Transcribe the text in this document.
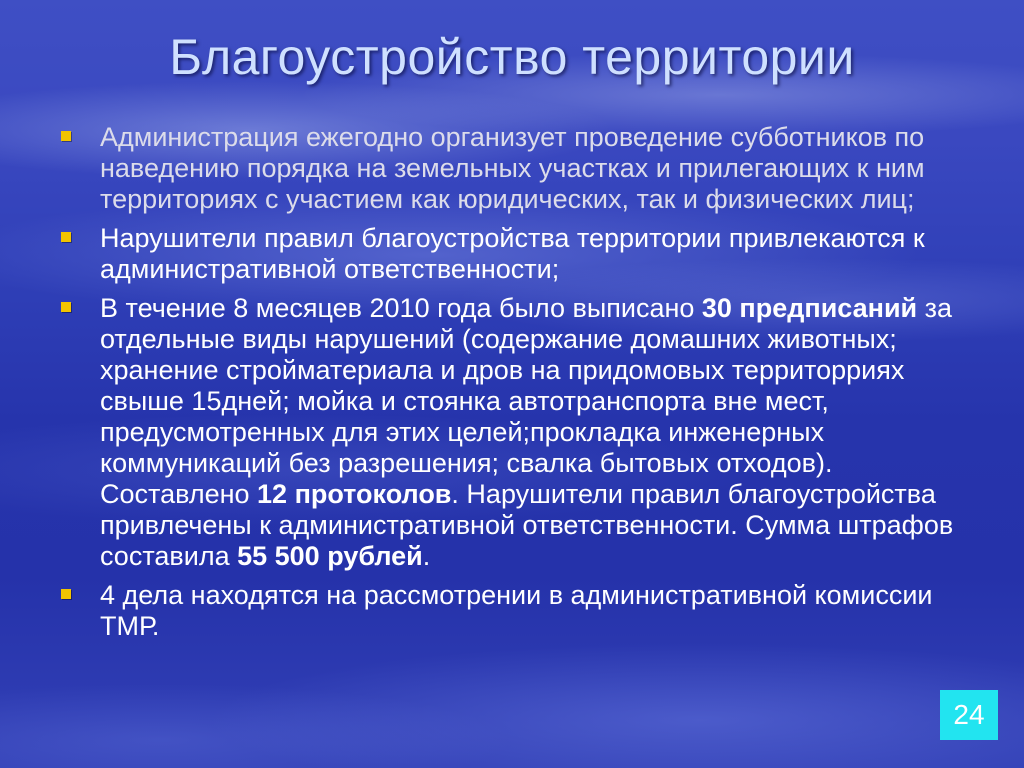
Благоустройство территории
Администрация ежегодно организует проведение субботников по наведению порядка на земельных участках и прилегающих к ним территориях с участием как юридических, так и физических лиц;
Нарушители правил благоустройства территории привлекаются к административной ответственности;
В течение 8 месяцев 2010 года было выписано 30 предписаний за отдельные виды нарушений (содержание домашних животных; хранение стройматериала и дров на придомовых территорриях свыше 15дней; мойка и стоянка автотранспорта вне мест, предусмотренных для этих целей;прокладка инженерных коммуникаций без разрешения; свалка бытовых отходов). Составлено 12 протоколов. Нарушители правил благоустройства привлечены к административной ответственности. Сумма штрафов составила 55 500 рублей.
4 дела находятся на рассмотрении в административной комиссии ТМР.
24
